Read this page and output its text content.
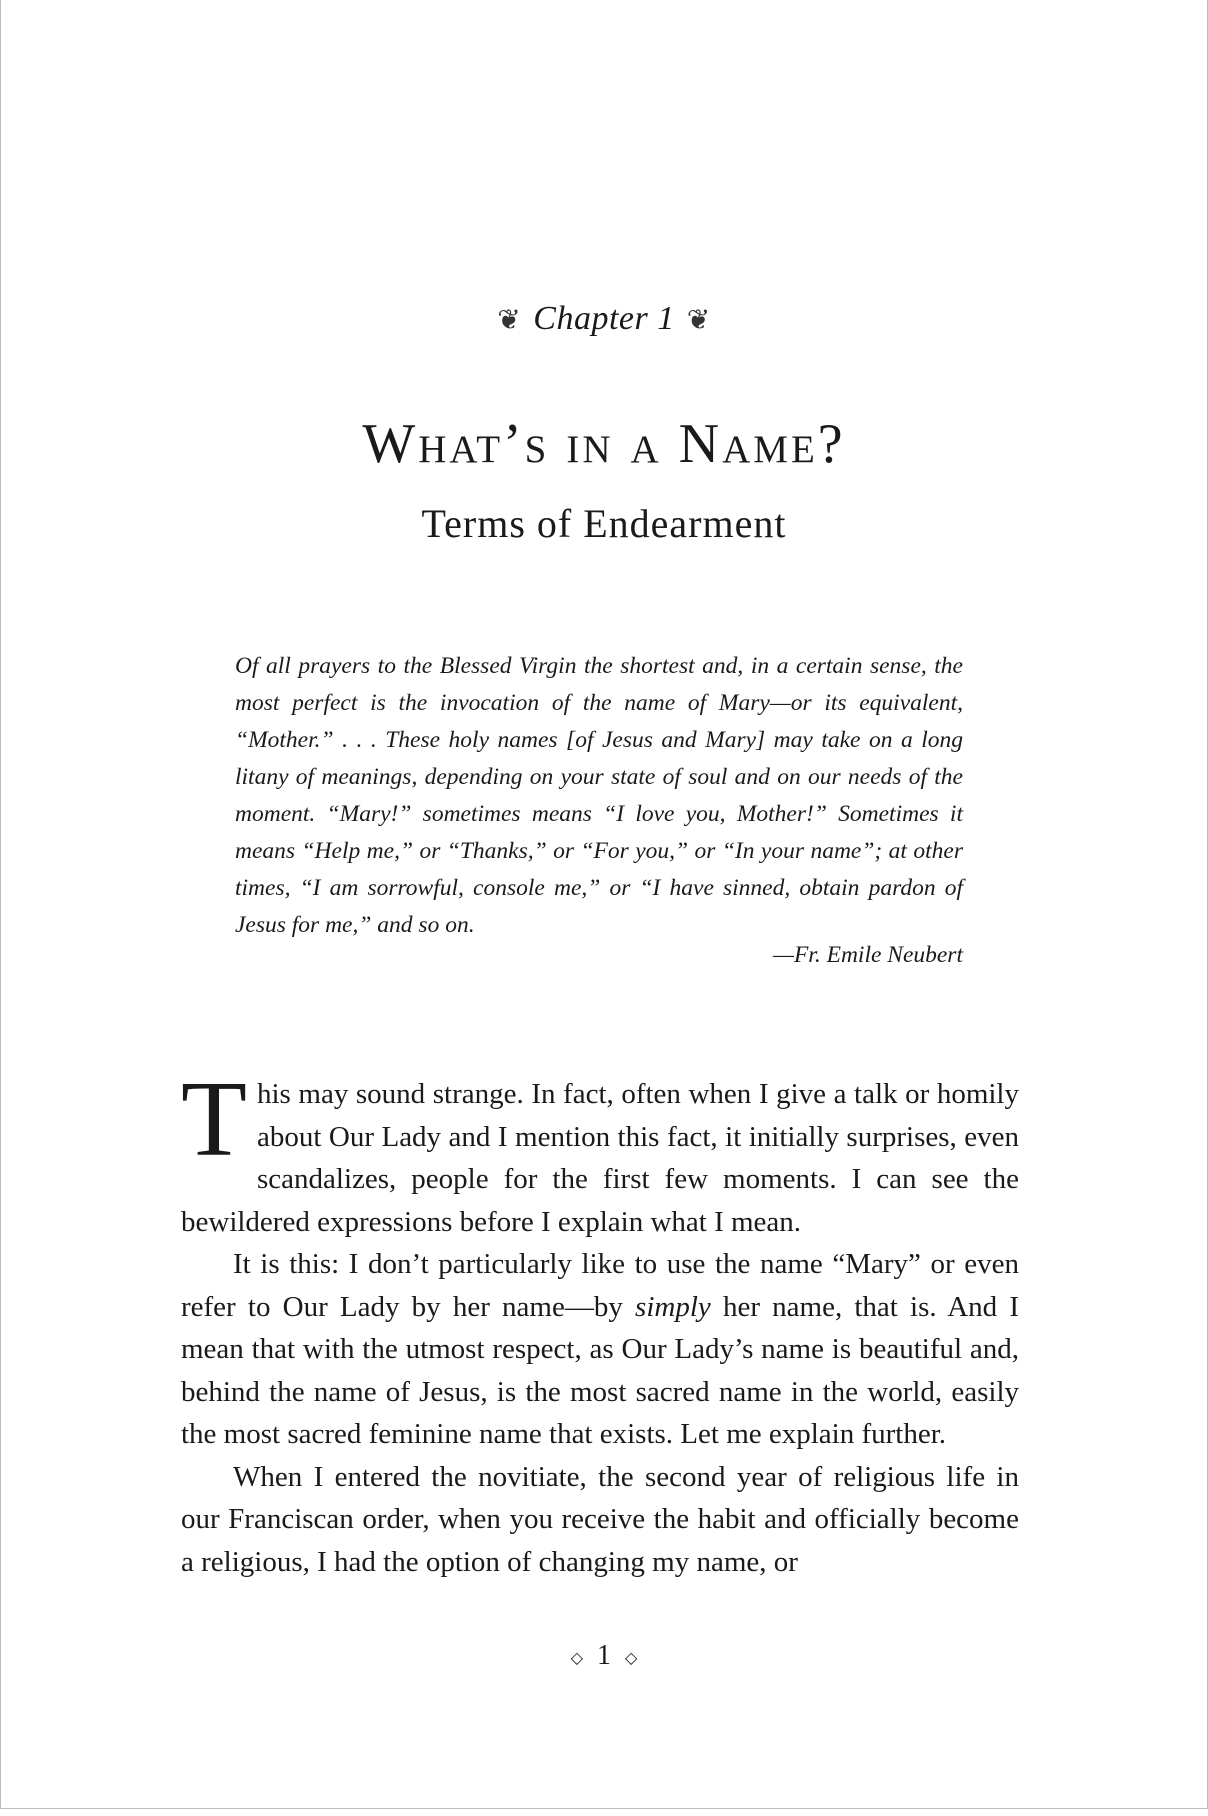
❦ Chapter 1 ❦
What’s in a Name?
Terms of Endearment
Of all prayers to the Blessed Virgin the shortest and, in a certain sense, the most perfect is the invocation of the name of Mary—or its equivalent, “Mother.” . . . These holy names [of Jesus and Mary] may take on a long litany of meanings, depending on your state of soul and on our needs of the moment. “Mary!” sometimes means “I love you, Mother!” Sometimes it means “Help me,” or “Thanks,” or “For you,” or “In your name”; at other times, “I am sorrowful, console me,” or “I have sinned, obtain pardon of Jesus for me,” and so on.
—Fr. Emile Neubert

This may sound strange. In fact, often when I give a talk or homily about Our Lady and I mention this fact, it initially surprises, even scandalizes, people for the first few moments. I can see the bewildered expressions before I explain what I mean.

It is this: I don’t particularly like to use the name “Mary” or even refer to Our Lady by her name—by simply her name, that is. And I mean that with the utmost respect, as Our Lady’s name is beautiful and, behind the name of Jesus, is the most sacred name in the world, easily the most sacred feminine name that exists. Let me explain further.

When I entered the novitiate, the second year of religious life in our Franciscan order, when you receive the habit and officially become a religious, I had the option of changing my name, or

◇ 1 ◇
